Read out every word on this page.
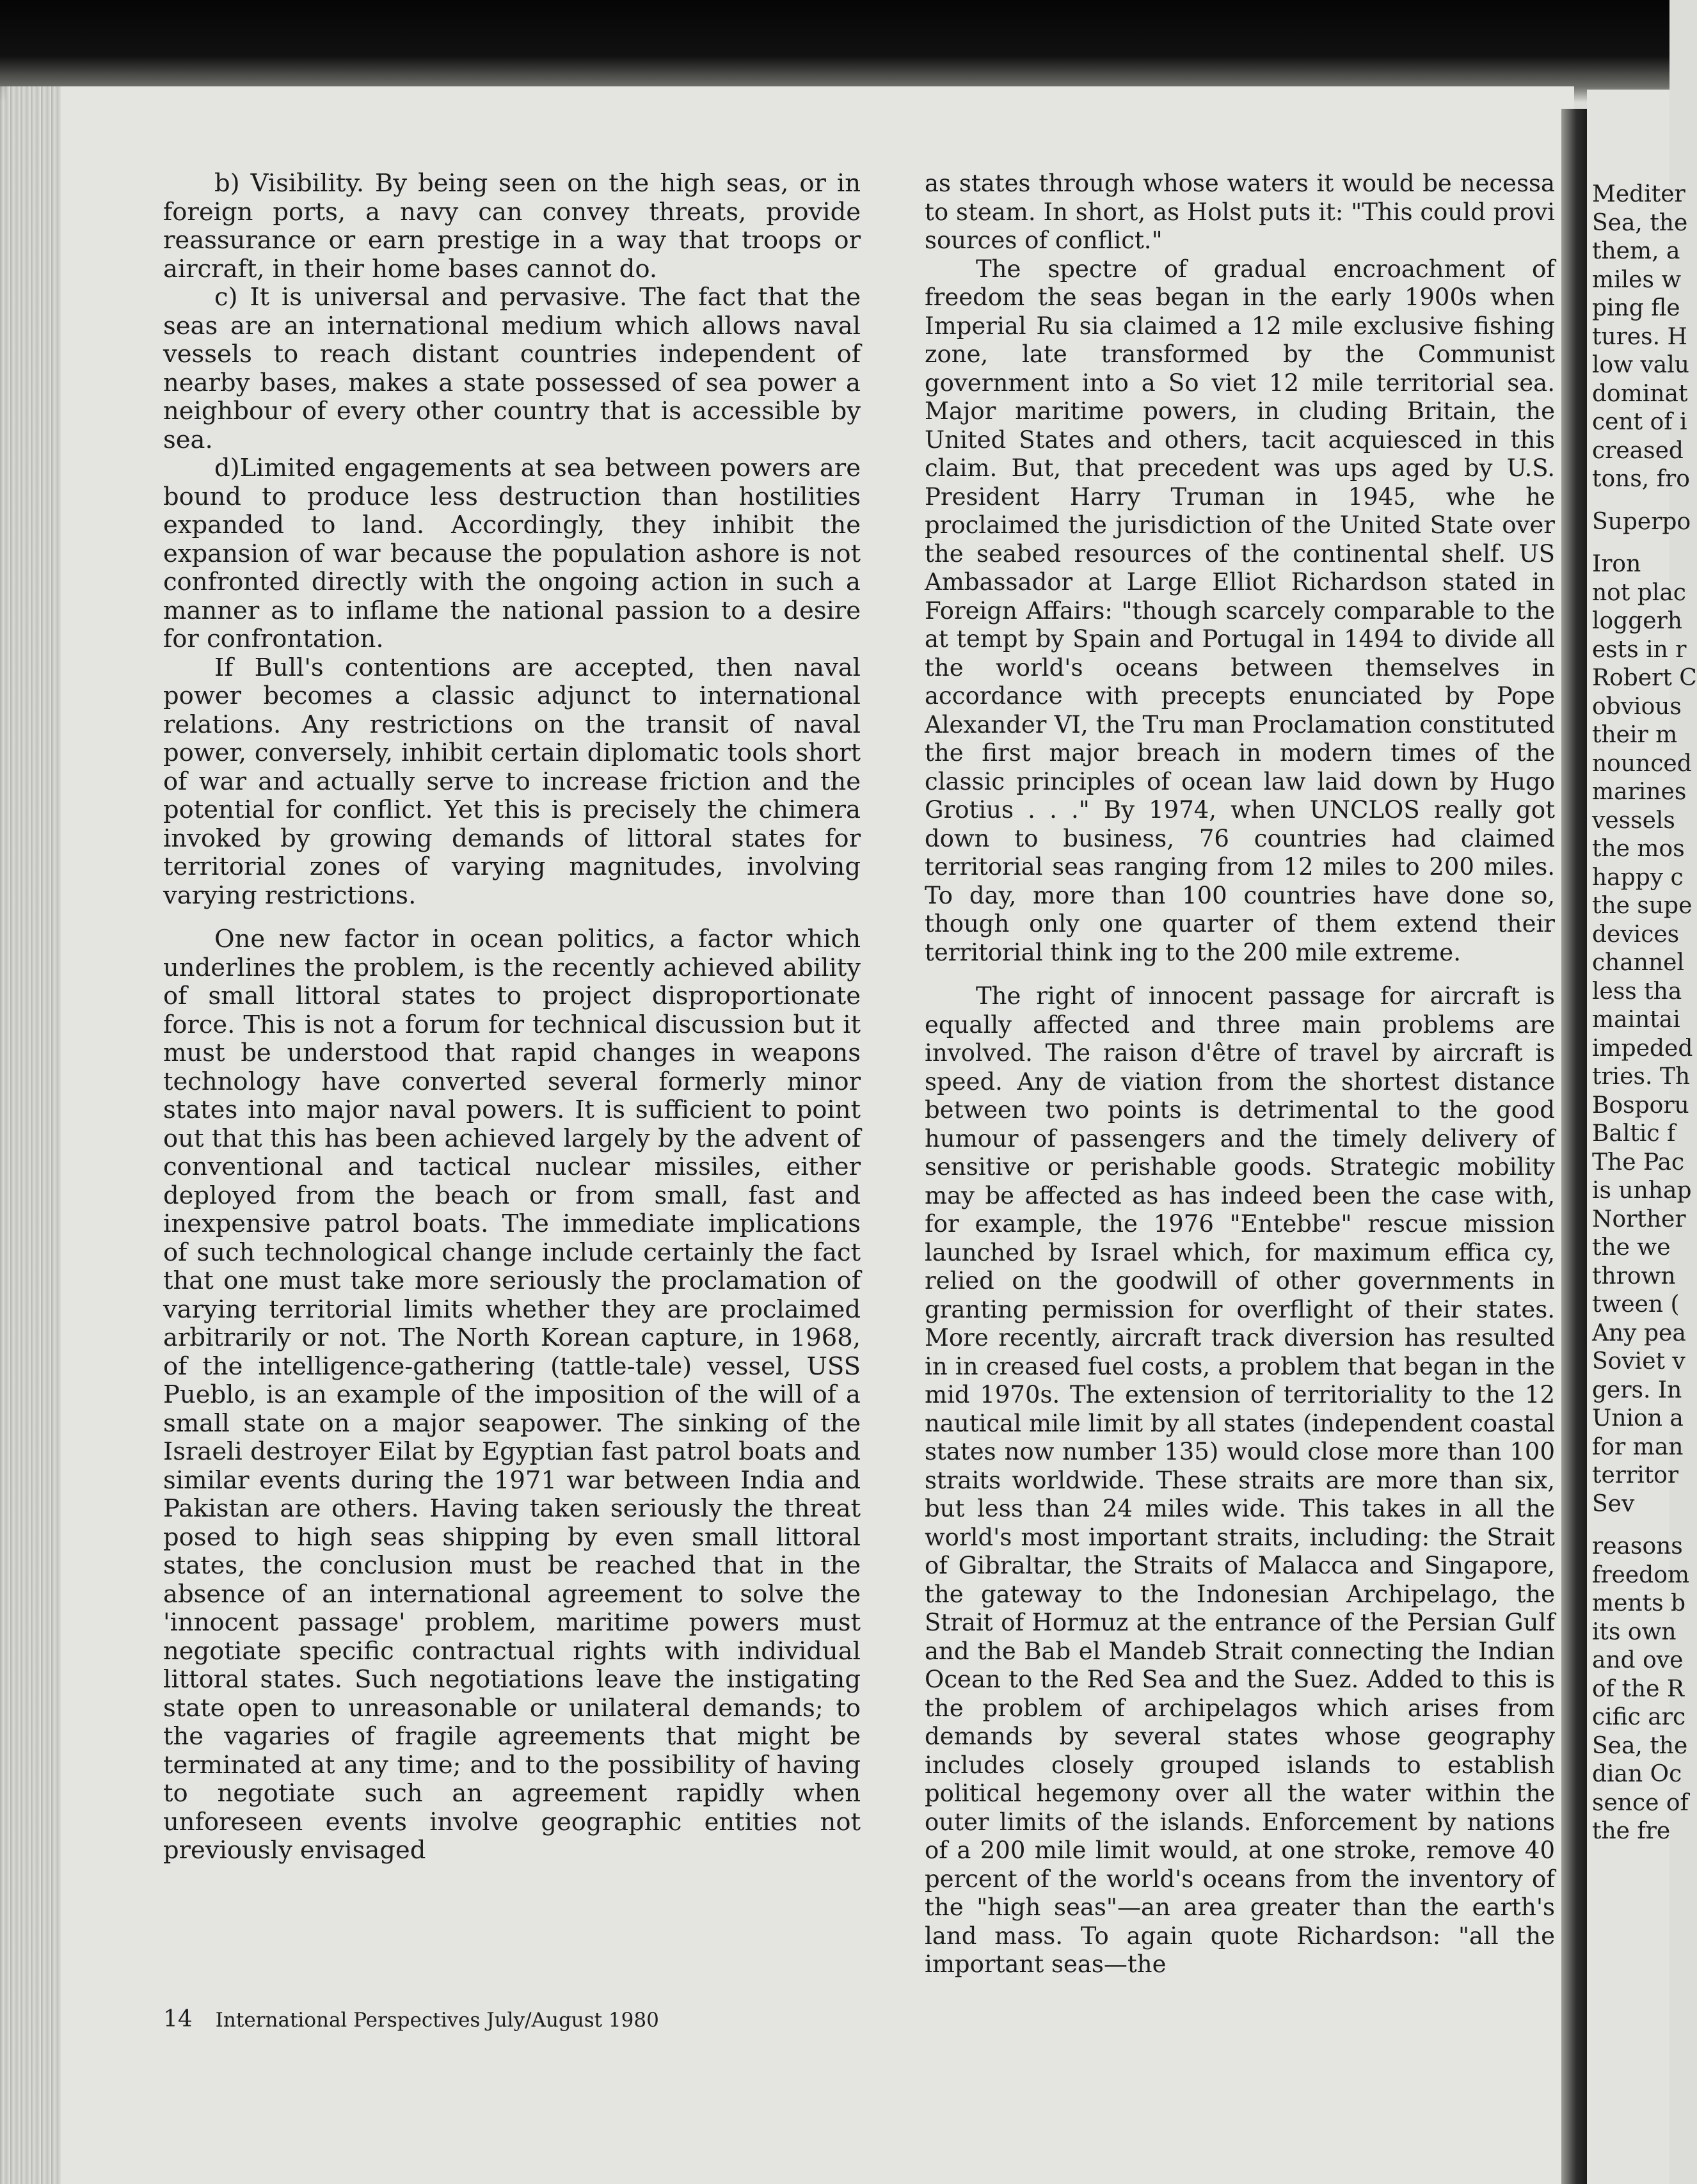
b) Visibility. By being seen on the high seas, or in foreign ports, a navy can convey threats, provide reassurance or earn prestige in a way that troops or aircraft, in their home bases cannot do.

c) It is universal and pervasive. The fact that the seas are an international medium which allows naval vessels to reach distant countries independent of nearby bases, makes a state possessed of sea power a neighbour of every other country that is accessible by sea.

d)Limited engagements at sea between powers are bound to produce less destruction than hostilities expanded to land. Accordingly, they inhibit the expansion of war because the population ashore is not confronted directly with the ongoing action in such a manner as to inflame the national passion to a desire for confrontation.

If Bull's contentions are accepted, then naval power becomes a classic adjunct to international relations. Any restrictions on the transit of naval power, conversely, inhibit certain diplomatic tools short of war and actually serve to increase friction and the potential for conflict. Yet this is precisely the chimera invoked by growing demands of littoral states for territorial zones of varying magnitudes, involving varying restrictions.

One new factor in ocean politics, a factor which underlines the problem, is the recently achieved ability of small littoral states to project disproportionate force. This is not a forum for technical discussion but it must be understood that rapid changes in weapons technology have converted several formerly minor states into major naval powers. It is sufficient to point out that this has been achieved largely by the advent of conventional and tactical nuclear missiles, either deployed from the beach or from small, fast and inexpensive patrol boats. The immediate implications of such technological change include certainly the fact that one must take more seriously the proclamation of varying territorial limits whether they are proclaimed arbitrarily or not. The North Korean capture, in 1968, of the intelligence-gathering (tattle-tale) vessel, USS Pueblo, is an example of the imposition of the will of a small state on a major seapower. The sinking of the Israeli destroyer Eilat by Egyptian fast patrol boats and similar events during the 1971 war between India and Pakistan are others. Having taken seriously the threat posed to high seas shipping by even small littoral states, the conclusion must be reached that in the absence of an international agreement to solve the 'innocent passage' problem, maritime powers must negotiate specific contractual rights with individual littoral states. Such negotiations leave the instigating state open to unreasonable or unilateral demands; to the vagaries of fragile agreements that might be terminated at any time; and to the possibility of having to negotiate such an agreement rapidly when unforeseen events involve geographic entities not previously envisaged

as states through whose waters it would be necessa to steam. In short, as Holst puts it: "This could provi sources of conflict."

The spectre of gradual encroachment of freedom the seas began in the early 1900s when Imperial Ru sia claimed a 12 mile exclusive fishing zone, late transformed by the Communist government into a So viet 12 mile territorial sea. Major maritime powers, in cluding Britain, the United States and others, tacit acquiesced in this claim. But, that precedent was ups aged by U.S. President Harry Truman in 1945, whe he proclaimed the jurisdiction of the United State over the seabed resources of the continental shelf. US Ambassador at Large Elliot Richardson stated in Foreign Affairs: "though scarcely comparable to the at tempt by Spain and Portugal in 1494 to divide all the world's oceans between themselves in accordance with precepts enunciated by Pope Alexander VI, the Tru man Proclamation constituted the first major breach in modern times of the classic principles of ocean law laid down by Hugo Grotius . . ." By 1974, when UNCLOS really got down to business, 76 countries had claimed territorial seas ranging from 12 miles to 200 miles. To day, more than 100 countries have done so, though only one quarter of them extend their territorial think ing to the 200 mile extreme.

The right of innocent passage for aircraft is equally affected and three main problems are involved. The raison d'être of travel by aircraft is speed. Any de viation from the shortest distance between two points is detrimental to the good humour of passengers and the timely delivery of sensitive or perishable goods. Strategic mobility may be affected as has indeed been the case with, for example, the 1976 "Entebbe" rescue mission launched by Israel which, for maximum effica cy, relied on the goodwill of other governments in granting permission for overflight of their states. More recently, aircraft track diversion has resulted in in creased fuel costs, a problem that began in the mid 1970s. The extension of territoriality to the 12 nautical mile limit by all states (independent coastal states now number 135) would close more than 100 straits worldwide. These straits are more than six, but less than 24 miles wide. This takes in all the world's most important straits, including: the Strait of Gibraltar, the Straits of Malacca and Singapore, the gateway to the Indonesian Archipelago, the Strait of Hormuz at the entrance of the Persian Gulf and the Bab el Mandeb Strait connecting the Indian Ocean to the Red Sea and the Suez. Added to this is the problem of archipelagos which arises from demands by several states whose geography includes closely grouped islands to establish political hegemony over all the water within the outer limits of the islands. Enforcement by nations of a 200 mile limit would, at one stroke, remove 40 percent of the world's oceans from the inventory of the "high seas"—an area greater than the earth's land mass. To again quote Richardson: "all the important seas—the

Mediter
Sea, the
them, a
miles w
ping fle
tures. H
low valu
dominat
cent of i
creased
tons, fro
Superpo
Iron
not plac
loggerh
ests in r
Robert C
obvious
their m
nounced
marines
vessels
the mos
happy c
the supe
devices
channel
less tha
maintai
impeded
tries. Th
Bosporu
Baltic f
The Pac
is unhap
Norther
the we
thrown
tween (
Any pea
Soviet v
gers. In
Union a
for man
territor
Sev
reasons
freedom
ments b
its own
and ove
of the R
cific arc
Sea, the
dian Oc
sence of
the fre
14 International Perspectives July/August 1980
